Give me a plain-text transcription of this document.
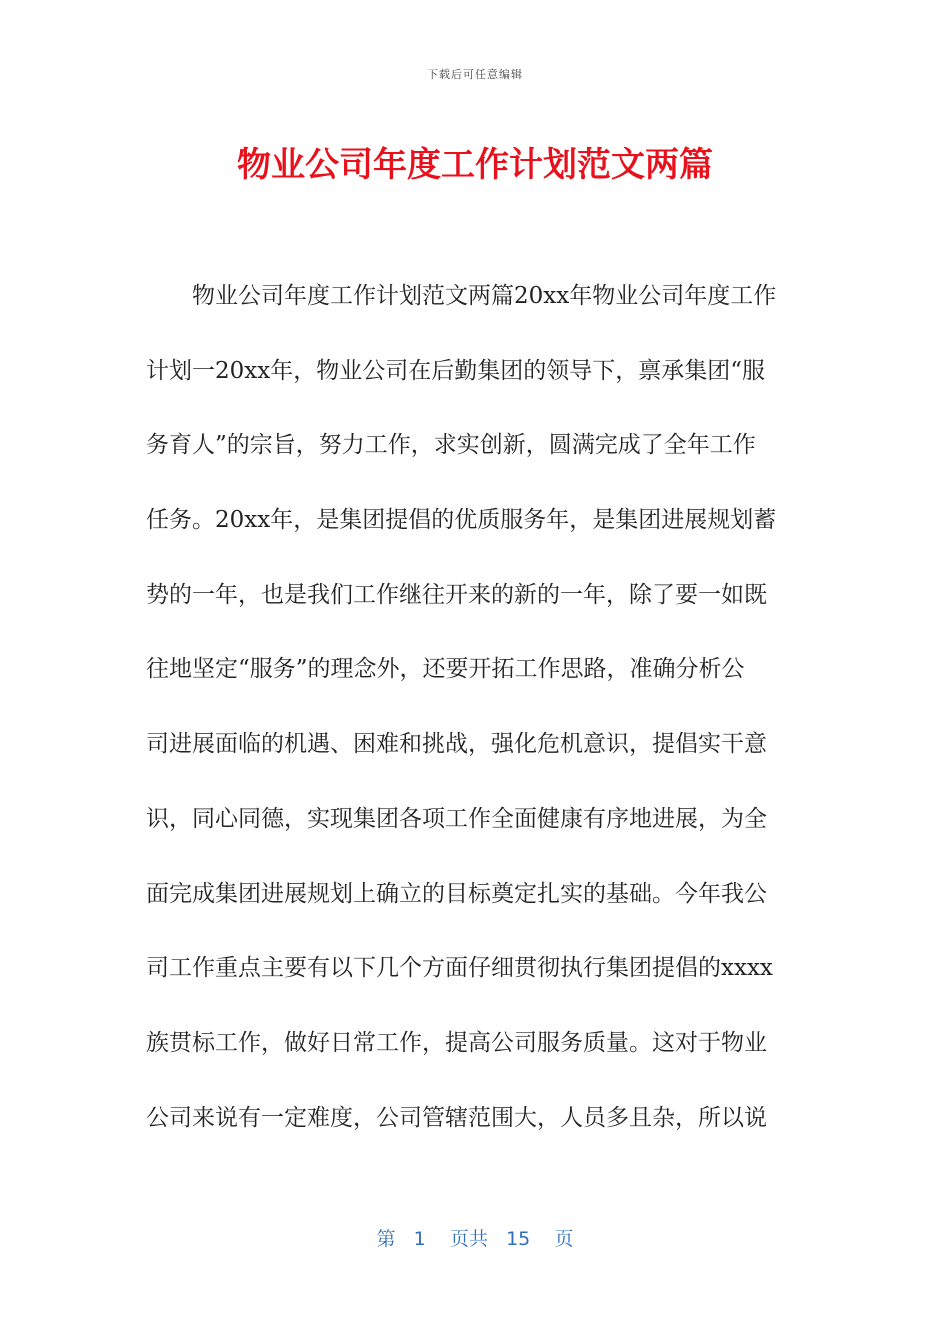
下载后可任意编辑
物业公司年度工作计划范文两篇
物业公司年度工作计划范文两篇20xx年物业公司年度工作
计划一20xx年，物业公司在后勤集团的领导下，禀承集团“服
务育人”的宗旨，努力工作，求实创新，圆满完成了全年工作
任务。20xx年，是集团提倡的优质服务年，是集团进展规划蓄
势的一年，也是我们工作继往开来的新的一年，除了要一如既
往地坚定“服务”的理念外，还要开拓工作思路，准确分析公
司进展面临的机遇、困难和挑战，强化危机意识，提倡实干意
识，同心同德，实现集团各项工作全面健康有序地进展，为全
面完成集团进展规划上确立的目标奠定扎实的基础。今年我公
司工作重点主要有以下几个方面仔细贯彻执行集团提倡的xxxx
族贯标工作，做好日常工作，提高公司服务质量。这对于物业
公司来说有一定难度，公司管辖范围大，人员多且杂，所以说
第 1 页共 15 页
